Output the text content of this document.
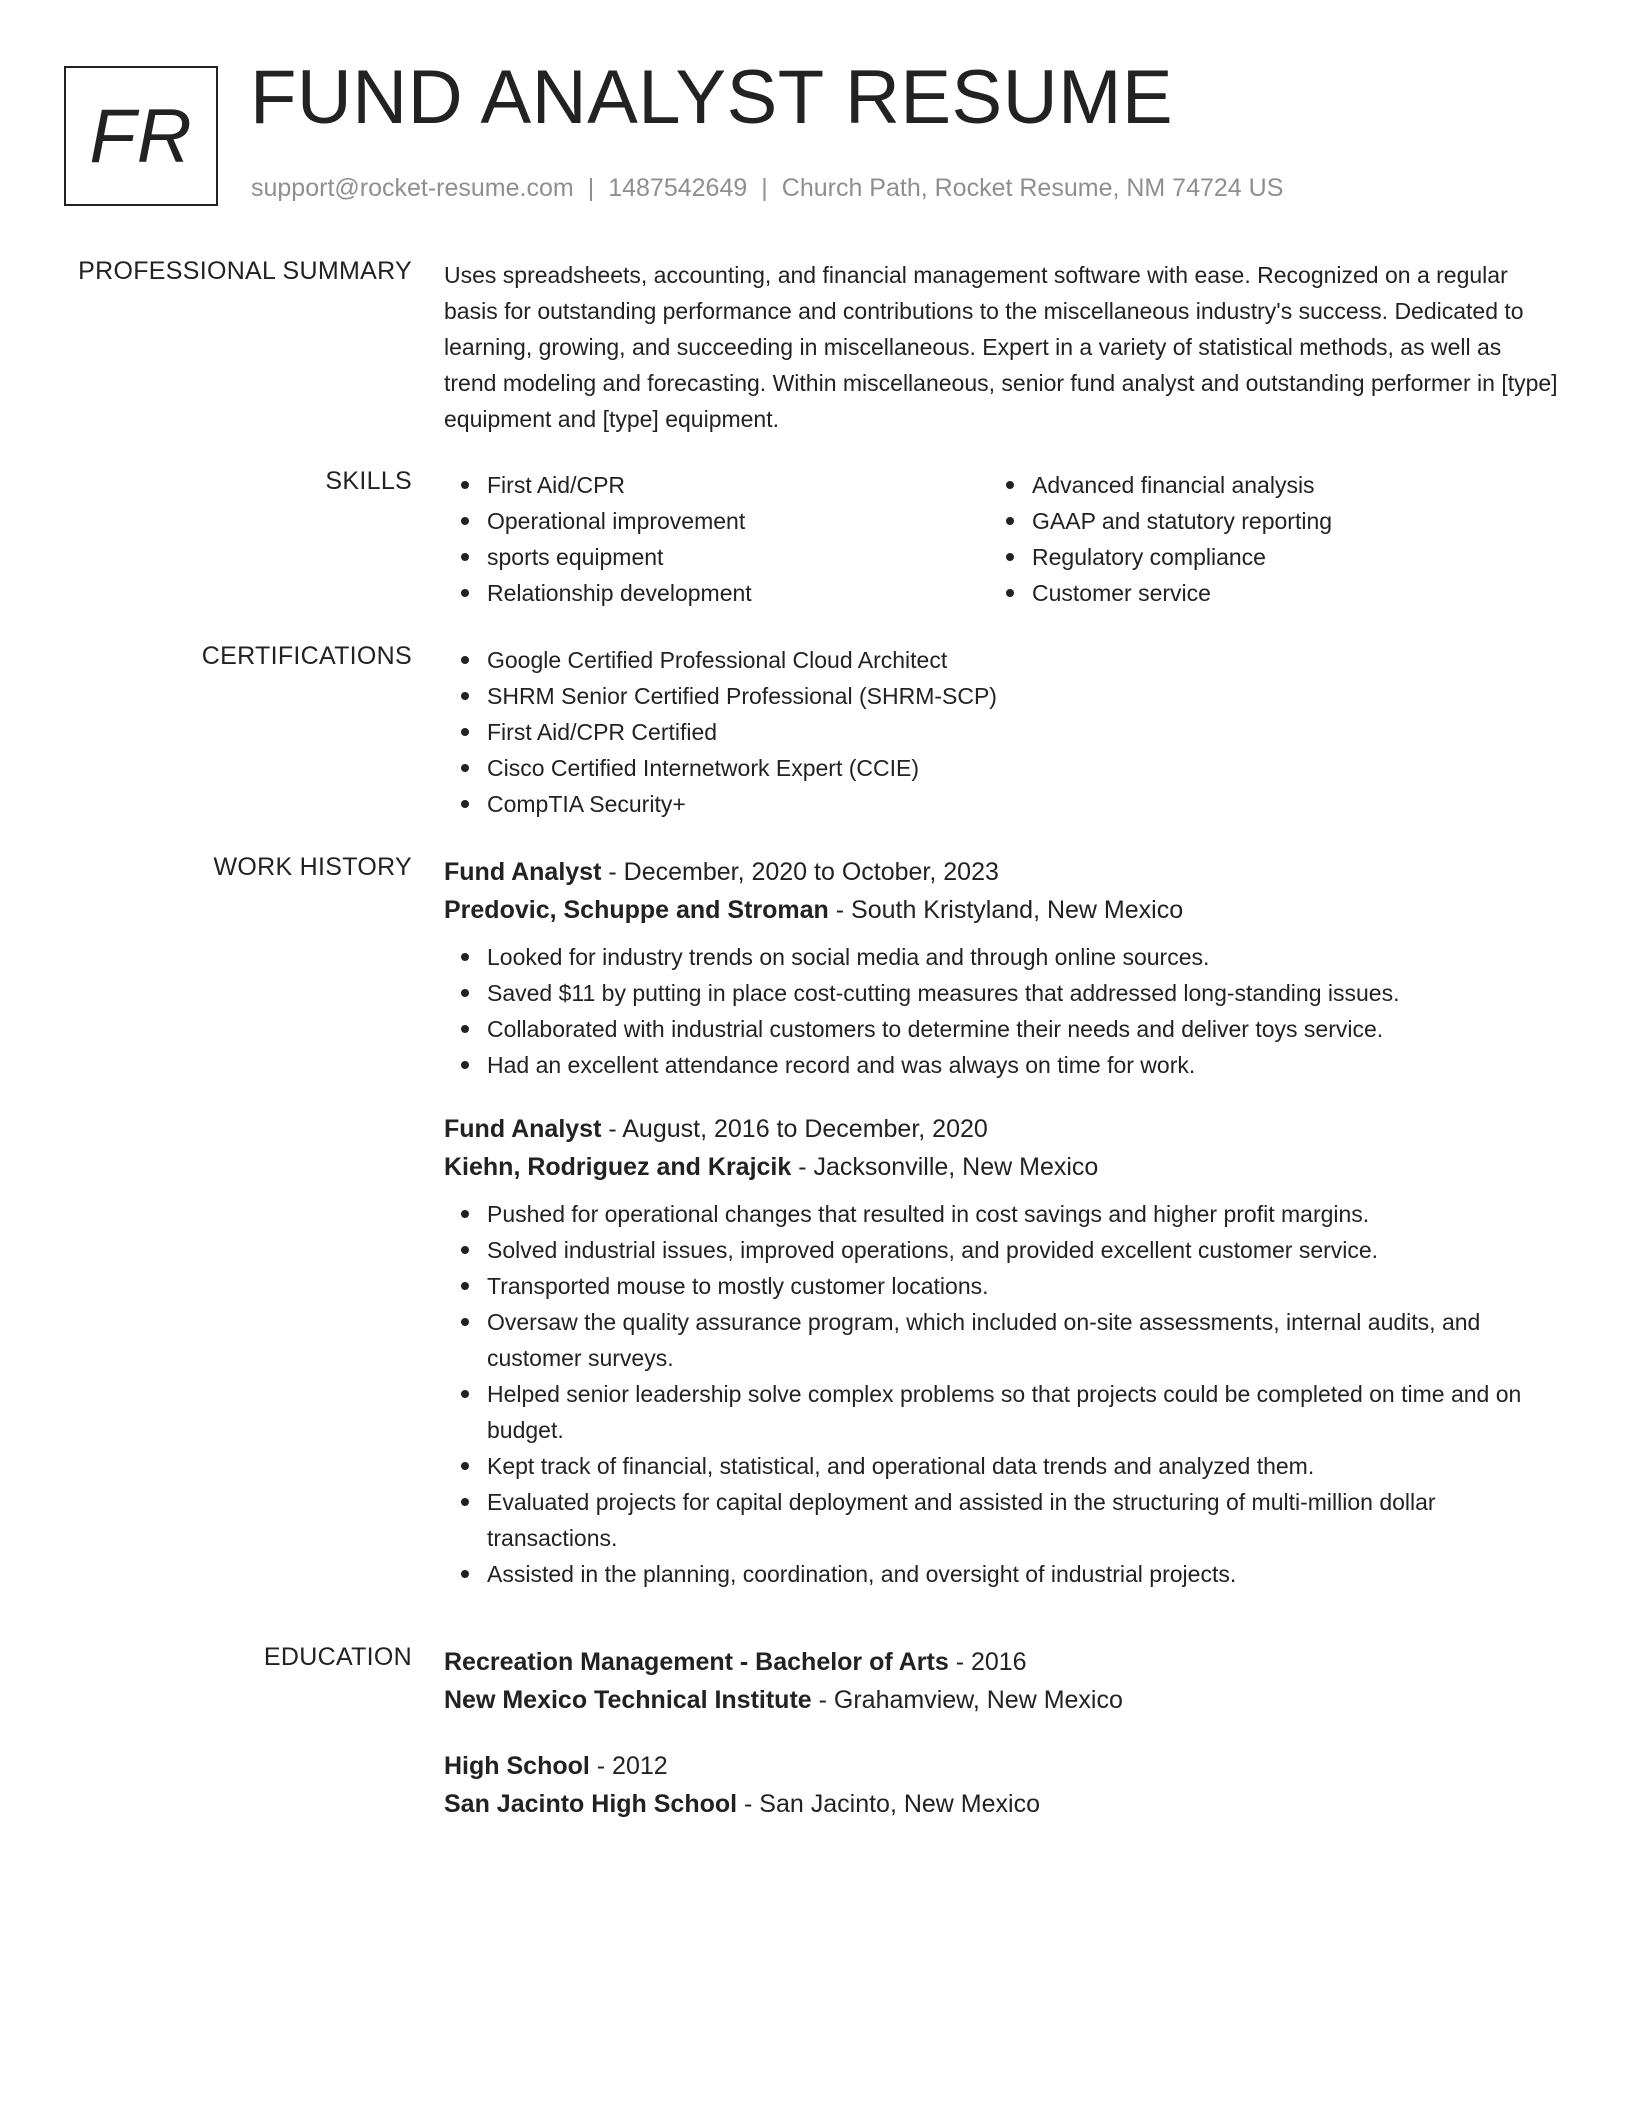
FR FUND ANALYST RESUME
support@rocket-resume.com | 1487542649 | Church Path, Rocket Resume, NM 74724 US
PROFESSIONAL SUMMARY Uses spreadsheets, accounting, and financial management software with ease. Recognized on a regular basis for outstanding performance and contributions to the miscellaneous industry's success. Dedicated to learning, growing, and succeeding in miscellaneous. Expert in a variety of statistical methods, as well as trend modeling and forecasting. Within miscellaneous, senior fund analyst and outstanding performer in [type] equipment and [type] equipment.

SKILLS	First Aid/CPR
Operational improvement
sports equipment
Relationship development
Advanced financial analysis
GAAP and statutory reporting
Regulatory compliance
Customer service
CERTIFICATIONS	Google Certified Professional Cloud Architect
SHRM Senior Certified Professional (SHRM-SCP)
First Aid/CPR Certified
Cisco Certified Internetwork Expert (CCIE)
CompTIA Security+
WORK HISTORY Fund Analyst - December, 2020 to October, 2023
Predovic, Schuppe and Stroman - South Kristyland, New Mexico
Looked for industry trends on social media and through online sources.
Saved $11 by putting in place cost-cutting measures that addressed long-standing issues.
Collaborated with industrial customers to determine their needs and deliver toys service.
Had an excellent attendance record and was always on time for work.
Fund Analyst - August, 2016 to December, 2020
Kiehn, Rodriguez and Krajcik - Jacksonville, New Mexico
Pushed for operational changes that resulted in cost savings and higher profit margins.
Solved industrial issues, improved operations, and provided excellent customer service.
Transported mouse to mostly customer locations.
Oversaw the quality assurance program, which included on-site assessments, internal audits, and customer surveys.
Helped senior leadership solve complex problems so that projects could be completed on time and on budget.
Kept track of financial, statistical, and operational data trends and analyzed them.
Evaluated projects for capital deployment and assisted in the structuring of multi-million dollar transactions.
Assisted in the planning, coordination, and oversight of industrial projects.
EDUCATION Recreation Management - Bachelor of Arts - 2016
New Mexico Technical Institute - Grahamview, New Mexico
High School - 2012
San Jacinto High School - San Jacinto, New Mexico
